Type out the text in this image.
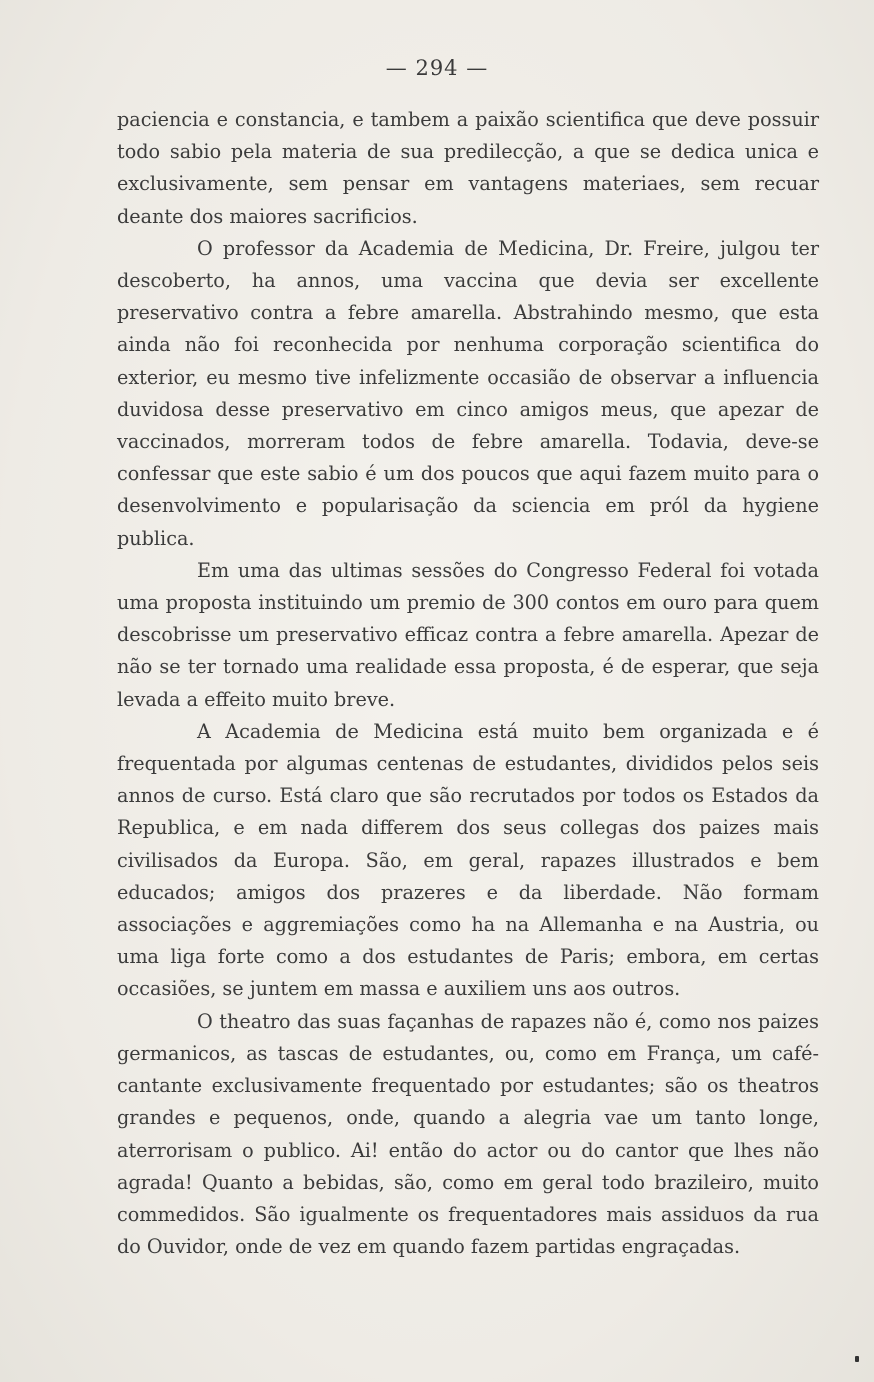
— 294 —

paciencia e constancia, e tambem a paixão scientifica que deve possuir todo sabio pela materia de sua predilecção, a que se dedica unica e exclusivamente, sem pensar em vantagens materiaes, sem recuar deante dos maiores sacrificios.

O professor da Academia de Medicina, Dr. Freire, julgou ter descoberto, ha annos, uma vaccina que devia ser excellente preservativo contra a febre amarella. Abstrahindo mesmo, que esta ainda não foi reconhecida por nenhuma corporação scientifica do exterior, eu mesmo tive infelizmente occasião de observar a influencia duvidosa desse preservativo em cinco amigos meus, que apezar de vaccinados, morreram todos de febre amarella. Todavia, deve-se confessar que este sabio é um dos poucos que aqui fazem muito para o desenvolvimento e popularisação da sciencia em pról da hygiene publica.

Em uma das ultimas sessões do Congresso Federal foi votada uma proposta instituindo um premio de 300 contos em ouro para quem descobrisse um preservativo efficaz contra a febre amarella. Apezar de não se ter tornado uma realidade essa proposta, é de esperar, que seja levada a effeito muito breve.

A Academia de Medicina está muito bem organizada e é frequentada por algumas centenas de estudantes, divididos pelos seis annos de curso. Está claro que são recrutados por todos os Estados da Republica, e em nada differem dos seus collegas dos paizes mais civilisados da Europa. São, em geral, rapazes illustrados e bem educados; amigos dos prazeres e da liberdade. Não formam associações e aggremiações como ha na Allemanha e na Austria, ou uma liga forte como a dos estudantes de Paris; embora, em certas occasiões, se juntem em massa e auxiliem uns aos outros.

O theatro das suas façanhas de rapazes não é, como nos paizes germanicos, as tascas de estudantes, ou, como em França, um café-cantante exclusivamente frequentado por estudantes; são os theatros grandes e pequenos, onde, quando a alegria vae um tanto longe, aterrorisam o publico. Ai! então do actor ou do cantor que lhes não agrada! Quanto a bebidas, são, como em geral todo brazileiro, muito commedidos. São igualmente os frequentadores mais assiduos da rua do Ouvidor, onde de vez em quando fazem partidas engraçadas.
